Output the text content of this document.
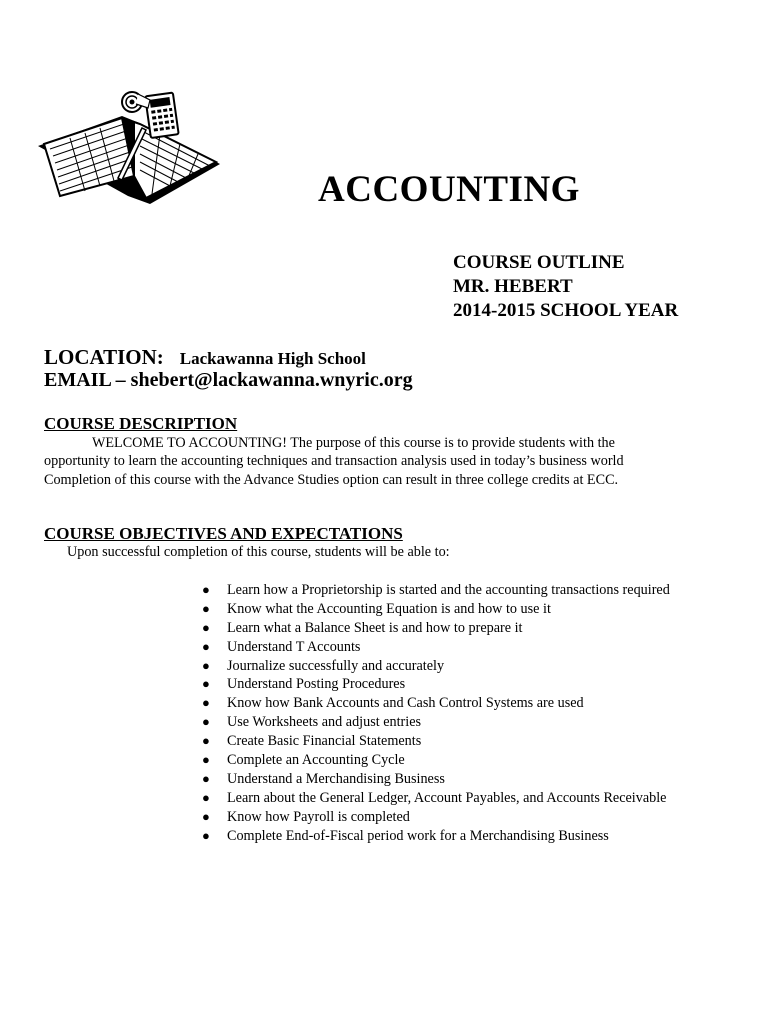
ACCOUNTING
COURSE OUTLINE
MR. HEBERT
2014-2015 SCHOOL YEAR
LOCATION: Lackawanna High School
EMAIL – shebert@lackawanna.wnyric.org
COURSE DESCRIPTION
WELCOME TO ACCOUNTING! The purpose of this course is to provide students with the
opportunity to learn the accounting techniques and transaction analysis used in today’s business world
Completion of this course with the Advance Studies option can result in three college credits at ECC.
COURSE OBJECTIVES AND EXPECTATIONS
Upon successful completion of this course, students will be able to:
● Learn how a Proprietorship is started and the accounting transactions required
● Know what the Accounting Equation is and how to use it
● Learn what a Balance Sheet is and how to prepare it
● Understand T Accounts
● Journalize successfully and accurately
● Understand Posting Procedures
● Know how Bank Accounts and Cash Control Systems are used
● Use Worksheets and adjust entries
● Create Basic Financial Statements
● Complete an Accounting Cycle
● Understand a Merchandising Business
● Learn about the General Ledger, Account Payables, and Accounts Receivable
● Know how Payroll is completed
● Complete End-of-Fiscal period work for a Merchandising Business
